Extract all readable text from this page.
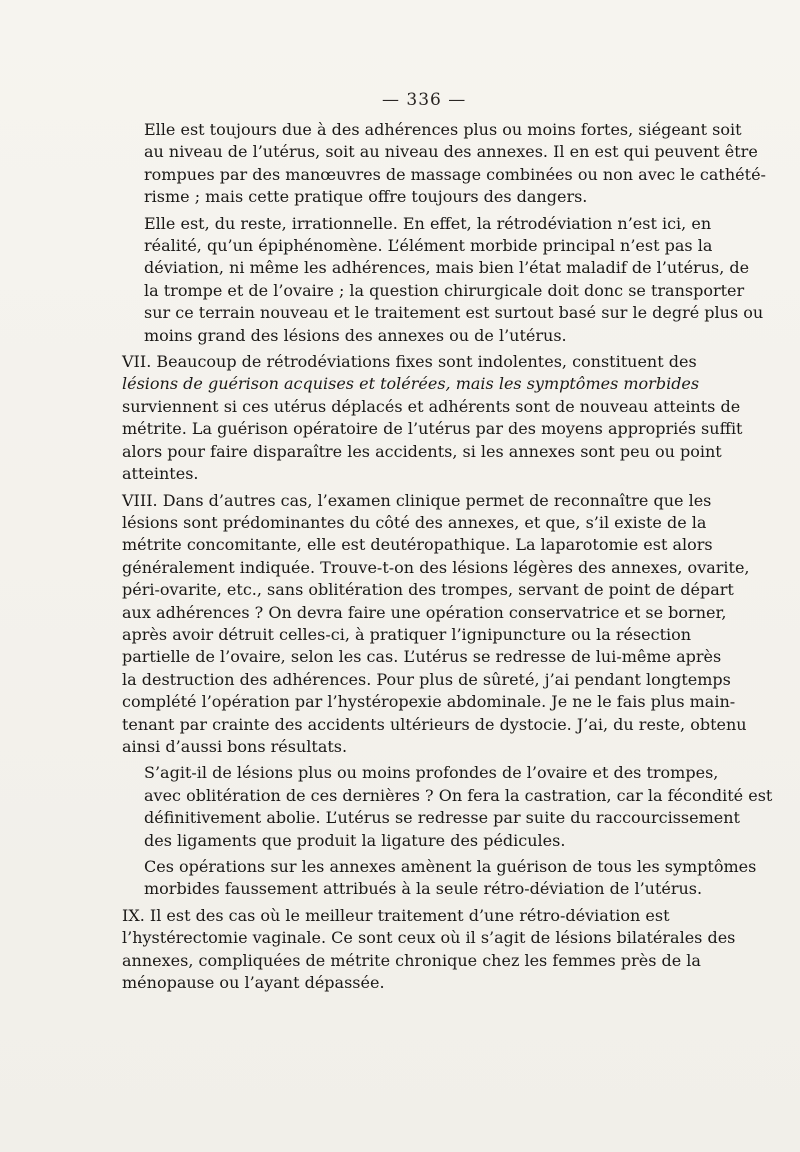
— 336 —

Elle est toujours due à des adhérences plus ou moins fortes, siégeant soit
au niveau de l’utérus, soit au niveau des annexes. Il en est qui peuvent être
rompues par des manœuvres de massage combinées ou non avec le cathété-
risme ; mais cette pratique offre toujours des dangers.

Elle est, du reste, irrationnelle. En effet, la rétrodéviation n’est ici, en
réalité, qu’un épiphénomène. L’élément morbide principal n’est pas la
déviation, ni même les adhérences, mais bien l’état maladif de l’utérus, de
la trompe et de l’ovaire ; la question chirurgicale doit donc se transporter
sur ce terrain nouveau et le traitement est surtout basé sur le degré plus ou
moins grand des lésions des annexes ou de l’utérus.

VII. Beaucoup de rétrodéviations fixes sont indolentes, constituent des
lésions de guérison acquises et tolérées, mais les symptômes morbides
surviennent si ces utérus déplacés et adhérents sont de nouveau atteints de
métrite. La guérison opératoire de l’utérus par des moyens appropriés suffit
alors pour faire disparaître les accidents, si les annexes sont peu ou point
atteintes.

VIII. Dans d’autres cas, l’examen clinique permet de reconnaître que les
lésions sont prédominantes du côté des annexes, et que, s’il existe de la
métrite concomitante, elle est deutéropathique. La laparotomie est alors
généralement indiquée. Trouve-t-on des lésions légères des annexes, ovarite,
péri-ovarite, etc., sans oblitération des trompes, servant de point de départ
aux adhérences ? On devra faire une opération conservatrice et se borner,
après avoir détruit celles-ci, à pratiquer l’ignipuncture ou la résection
partielle de l’ovaire, selon les cas. L’utérus se redresse de lui-même après
la destruction des adhérences. Pour plus de sûreté, j’ai pendant longtemps
complété l’opération par l’hystéropexie abdominale. Je ne le fais plus main-
tenant par crainte des accidents ultérieurs de dystocie. J’ai, du reste, obtenu
ainsi d’aussi bons résultats.

S’agit-il de lésions plus ou moins profondes de l’ovaire et des trompes,
avec oblitération de ces dernières ? On fera la castration, car la fécondité est
définitivement abolie. L’utérus se redresse par suite du raccourcissement
des ligaments que produit la ligature des pédicules.

Ces opérations sur les annexes amènent la guérison de tous les symptômes
morbides faussement attribués à la seule rétro-déviation de l’utérus.

IX. Il est des cas où le meilleur traitement d’une rétro-déviation est
l’hystérectomie vaginale. Ce sont ceux où il s’agit de lésions bilatérales des
annexes, compliquées de métrite chronique chez les femmes près de la
ménopause ou l’ayant dépassée.
